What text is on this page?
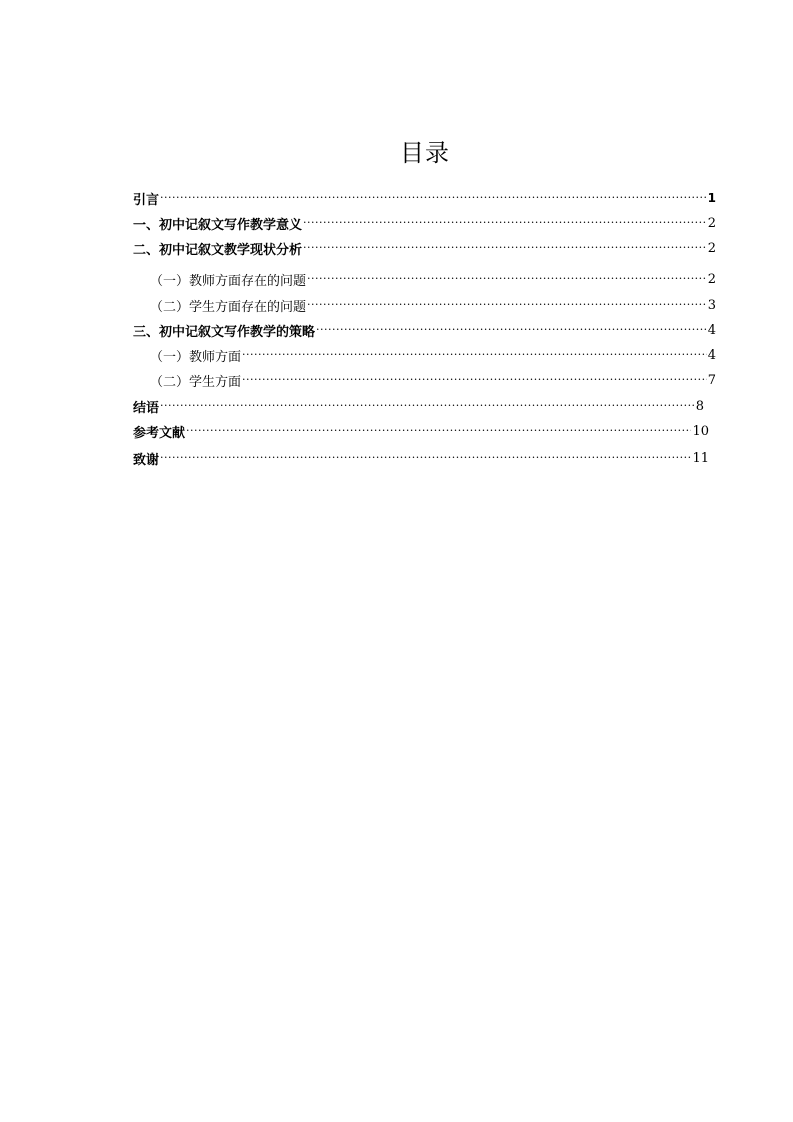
目录
引言 ·····	1
一、初中记叙文写作教学意义 ·····	2
二、初中记叙文教学现状分析 ·····	2
（一）教师方面存在的问题 ·····	2
（二）学生方面存在的问题 ·····	3
三、初中记叙文写作教学的策略 ·····	4
（一）教师方面 ·····	4
（二）学生方面 ·····	7
结语 ·····	8
参考文献 ·····	10
致谢 ·····	11
